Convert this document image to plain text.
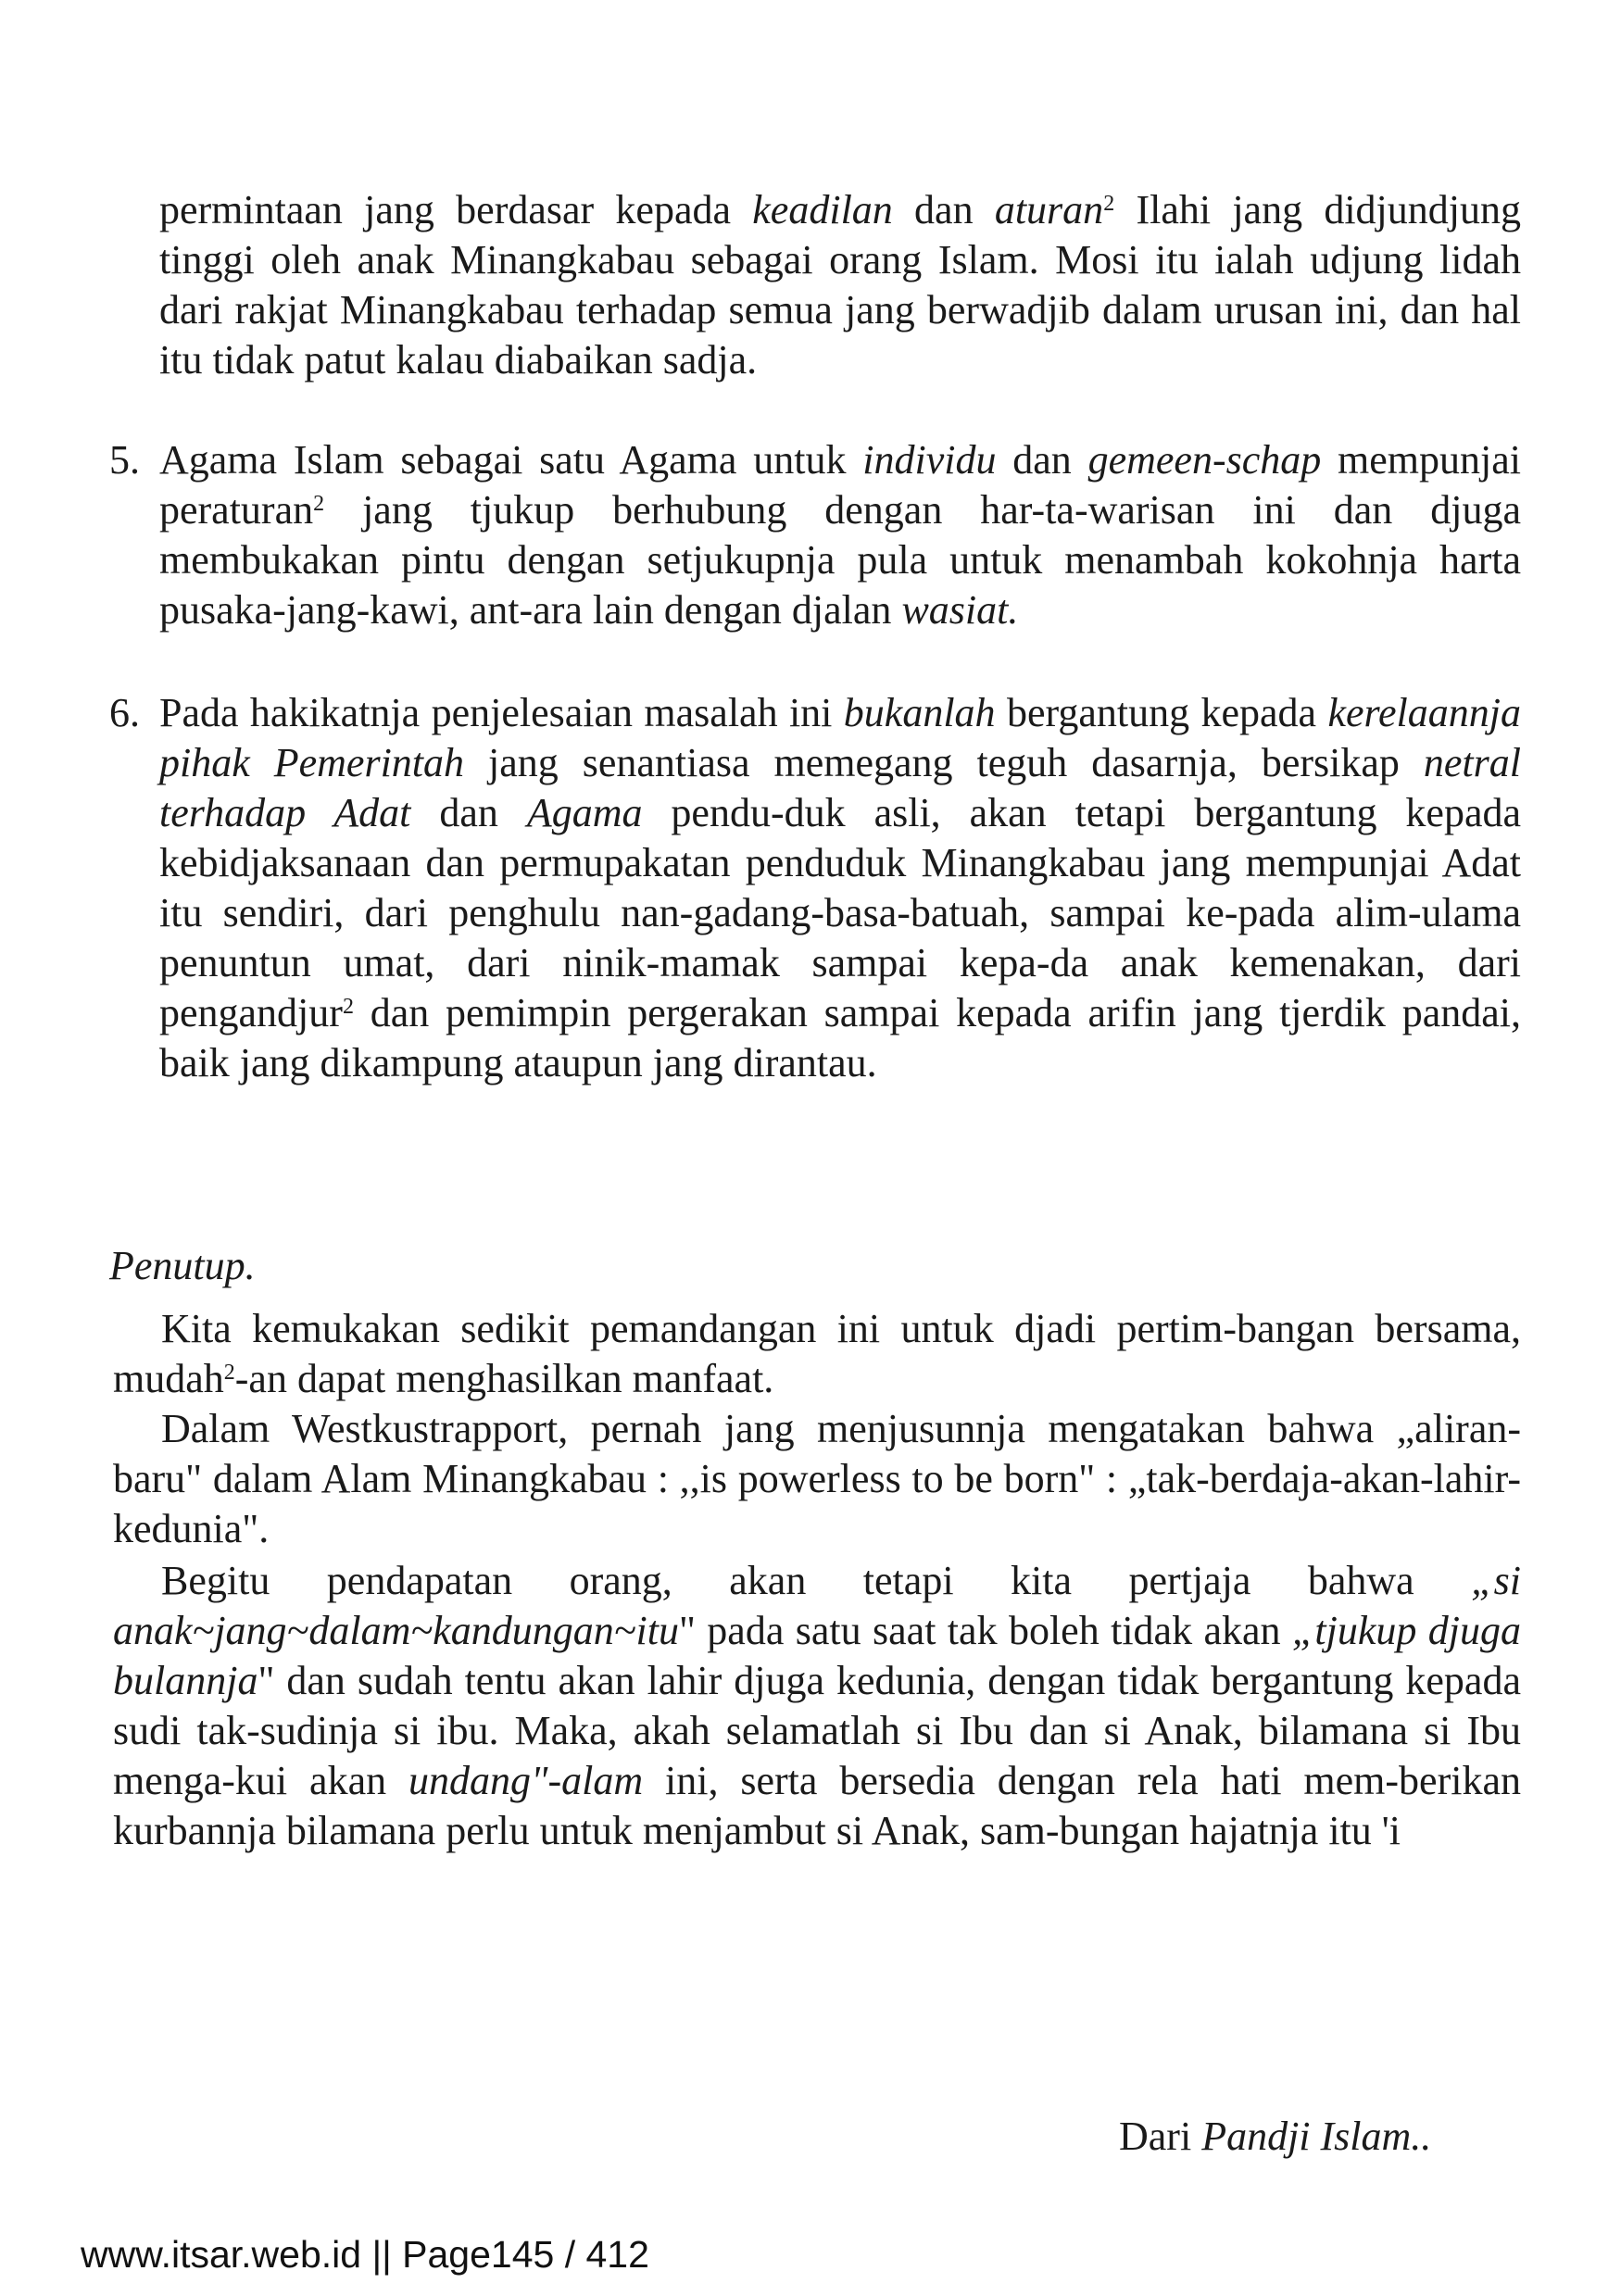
permintaan jang berdasar kepada keadilan dan aturan$^2$ Ilahi jang didjundjung tinggi oleh anak Minangkabau sebagai orang Islam. Mosi itu ialah udjung lidah dari rakjat Minangkabau terhadap semua jang berwadjib dalam urusan ini, dan hal itu tidak patut kalau diabaikan sadja.

5. Agama Islam sebagai satu Agama untuk individu dan gemeen-schap mempunjai peraturan$^2$ jang tjukup berhubung dengan har-ta-warisan ini dan djuga membukakan pintu dengan setjukupnja pula untuk menambah kokohnja harta pusaka-jang-kawi, ant-ara lain dengan djalan wasiat.
6. Pada hakikatnja penjelesaian masalah ini bukanlah bergantung kepada kerelaannja pihak Pemerintah jang senantiasa memegang teguh dasarnja, bersikap netral terhadap Adat dan Agama pendu-duk asli, akan tetapi bergantung kepada kebidjaksanaan dan permupakatan penduduk Minangkabau jang mempunjai Adat itu sendiri, dari penghulu nan-gadang-basa-batuah, sampai ke-pada alim-ulama penuntun umat, dari ninik-mamak sampai kepa-da anak kemenakan, dari pengandjur$^2$ dan pemimpin pergerakan sampai kepada arifin jang tjerdik pandai, baik jang dikampung ataupun jang dirantau.

Penutup.

Kita kemukakan sedikit pemandangan ini untuk djadi pertim-bangan bersama, mudah$^2$-an dapat menghasilkan manfaat.

Dalam Westkustrapport, pernah jang menjusunnja mengatakan bahwa „aliran-baru" dalam Alam Minangkabau : ,,is powerless to be born" : „tak-berdaja-akan-lahir-kedunia".

Begitu pendapatan orang, akan tetapi kita pertjaja bahwa „si anak~jang~dalam~kandungan~itu" pada satu saat tak boleh tidak akan „tjukup djuga bulannja" dan sudah tentu akan lahir djuga kedunia, dengan tidak bergantung kepada sudi tak-sudinja si ibu. Maka, akah selamatlah si Ibu dan si Anak, bilamana si Ibu menga-kui akan undang"-alam ini, serta bersedia dengan rela hati mem-berikan kurbannja bilamana perlu untuk menjambut si Anak, sam-bungan hajatnja itu 'i

Dari Pandji Islam..

www.itsar.web.id || Page145 / 412
